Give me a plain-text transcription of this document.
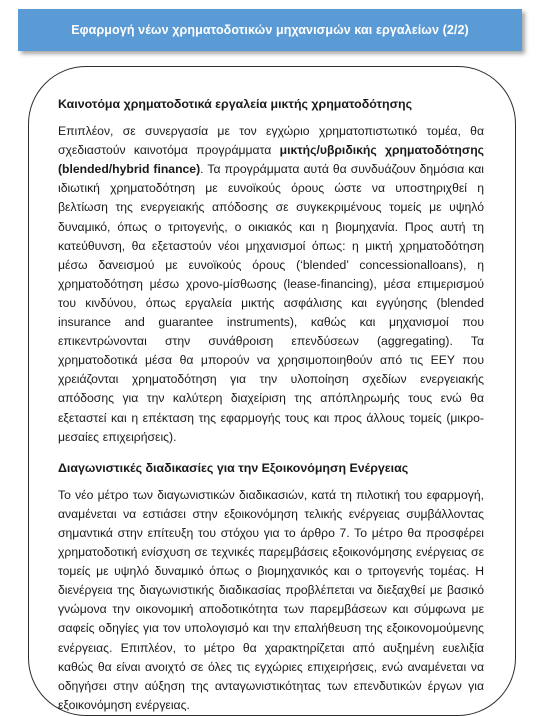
Εφαρμογή νέων χρηματοδοτικών μηχανισμών και εργαλείων (2/2)

Καινοτόμα χρηματοδοτικά εργαλεία μικτής χρηματοδότησης

Επιπλέον, σε συνεργασία με τον εγχώριο χρηματοπιστωτικό τομέα, θα σχεδιαστούν καινοτόμα προγράμματα μικτής/υβριδικής χρηματοδότησης (blended/hybrid finance). Τα προγράμματα αυτά θα συνδυάζουν δημόσια και ιδιωτική χρηματοδότηση με ευνοϊκούς όρους ώστε να υποστηριχθεί η βελτίωση της ενεργειακής απόδοσης σε συγκεκριμένους τομείς με υψηλό δυναμικό, όπως ο τριτογενής, ο οικιακός και η βιομηχανία. Προς αυτή τη κατεύθυνση, θα εξεταστούν νέοι μηχανισμοί όπως: η μικτή χρηματοδότηση μέσω δανεισμού με ευνοϊκούς όρους (‘blended’ concessionalloans), η χρηματοδότηση μέσω χρονο-μίσθωσης (lease-financing), μέσα επιμερισμού του κινδύνου, όπως εργαλεία μικτής ασφάλισης και εγγύησης (blended insurance and guarantee instruments), καθώς και μηχανισμοί που επικεντρώνονται στην συνάθροιση επενδύσεων (aggregating). Τα χρηματοδοτικά μέσα θα μπορούν να χρησιμοποιηθούν από τις ΕΕΥ που χρειάζονται χρηματοδότηση για την υλοποίηση σχεδίων ενεργειακής απόδοσης για την καλύτερη διαχείριση της απόπληρωμής τους ενώ θα εξεταστεί και η επέκταση της εφαρμογής τους και προς άλλους τομείς (μικρο-μεσαίες επιχειρήσεις).

Διαγωνιστικές διαδικασίες για την Εξοικονόμηση Ενέργειας

Το νέο μέτρο των διαγωνιστικών διαδικασιών, κατά τη πιλοτική του εφαρμογή, αναμένεται να εστιάσει στην εξοικονόμηση τελικής ενέργειας συμβάλλοντας σημαντικά στην επίτευξη του στόχου για το άρθρο 7. Το μέτρο θα προσφέρει χρηματοδοτική ενίσχυση σε τεχνικές παρεμβάσεις εξοικονόμησης ενέργειας σε τομείς με υψηλό δυναμικό όπως ο βιομηχανικός και ο τριτογενής τομέας. Η διενέργεια της διαγωνιστικής διαδικασίας προβλέπεται να διεξαχθεί με βασικό γνώμονα την οικονομική αποδοτικότητα των παρεμβάσεων και σύμφωνα με σαφείς οδηγίες για τον υπολογισμό και την επαλήθευση της εξοικονομούμενης ενέργειας. Επιπλέον, το μέτρο θα χαρακτηρίζεται από αυξημένη ευελιξία καθώς θα είναι ανοιχτό σε όλες τις εγχώριες επιχειρήσεις, ενώ αναμένεται να οδηγήσει στην αύξηση της ανταγωνιστικότητας των επενδυτικών έργων για εξοικονόμηση ενέργειας.
